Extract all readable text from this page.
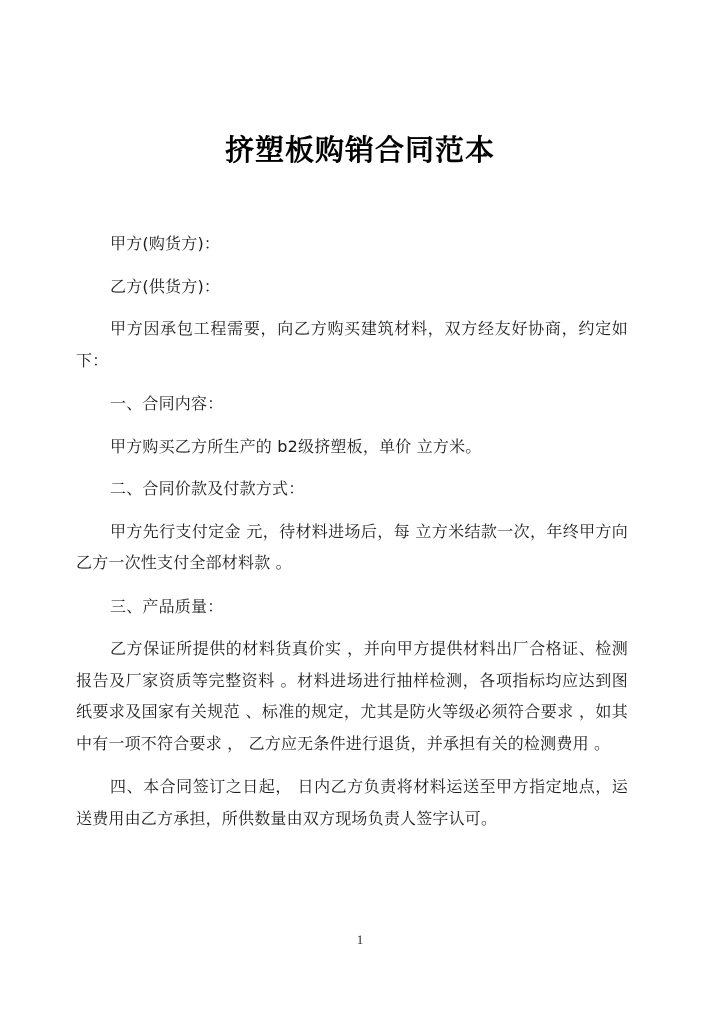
挤塑板购销合同范本

甲方(购货方)：

乙方(供货方)：

甲方因承包工程需要，向乙方购买建筑材料，双方经友好协商，约定如下：

一、合同内容：

甲方购买乙方所生产的 b2级挤塑板，单价 立方米。

二、合同价款及付款方式：

甲方先行支付定金 元，待材料进场后，每 立方米结款一次，年终甲方向乙方一次性支付全部材料款 。

三、产品质量：

乙方保证所提供的材料货真价实 ，并向甲方提供材料出厂合格证、检测报告及厂家资质等完整资料 。材料进场进行抽样检测，各项指标均应达到图纸要求及国家有关规范 、标准的规定，尤其是防火等级必须符合要求 ，如其中有一项不符合要求 ， 乙方应无条件进行退货，并承担有关的检测费用 。

四、本合同签订之日起， 日内乙方负责将材料运送至甲方指定地点，运送费用由乙方承担，所供数量由双方现场负责人签字认可。

1
